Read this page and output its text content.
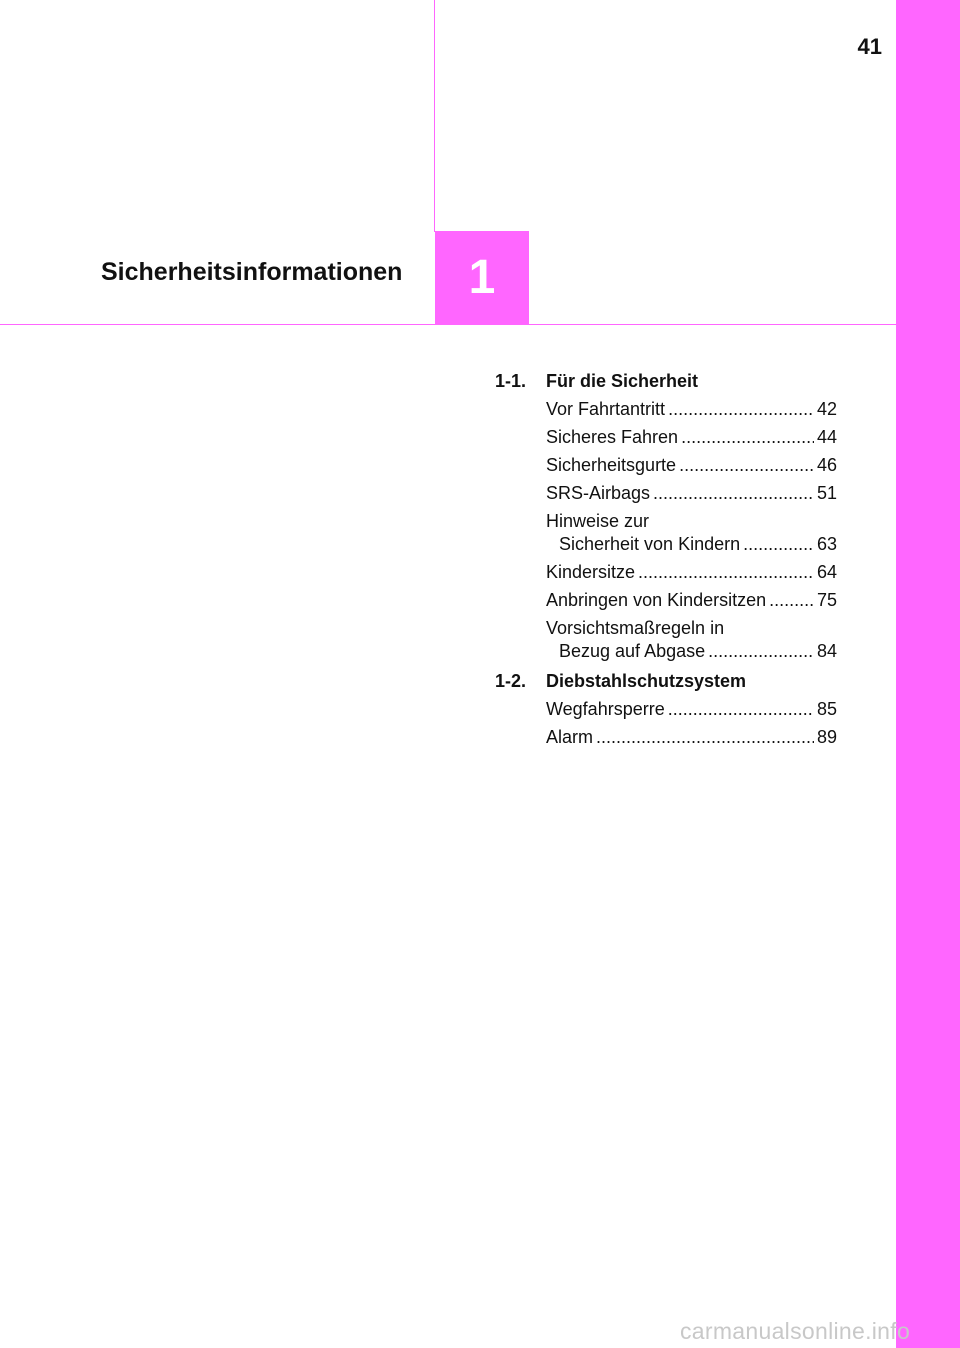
41
Sicherheitsinformationen 1
1-1.	Für die Sicherheit
Vor Fahrtantritt .....	42
Sicheres Fahren .....	44
Sicherheitsgurte .....	46
SRS-Airbags .....	51
Hinweise zur
Sicherheit von Kindern .....	63
Kindersitze .....	64
Anbringen von Kindersitzen .....	75
Vorsichtsmaßregeln in
Bezug auf Abgase .....	84
1-2.	Diebstahlschutzsystem
Wegfahrsperre .....	85
Alarm .....	89
carmanualsonline.info
